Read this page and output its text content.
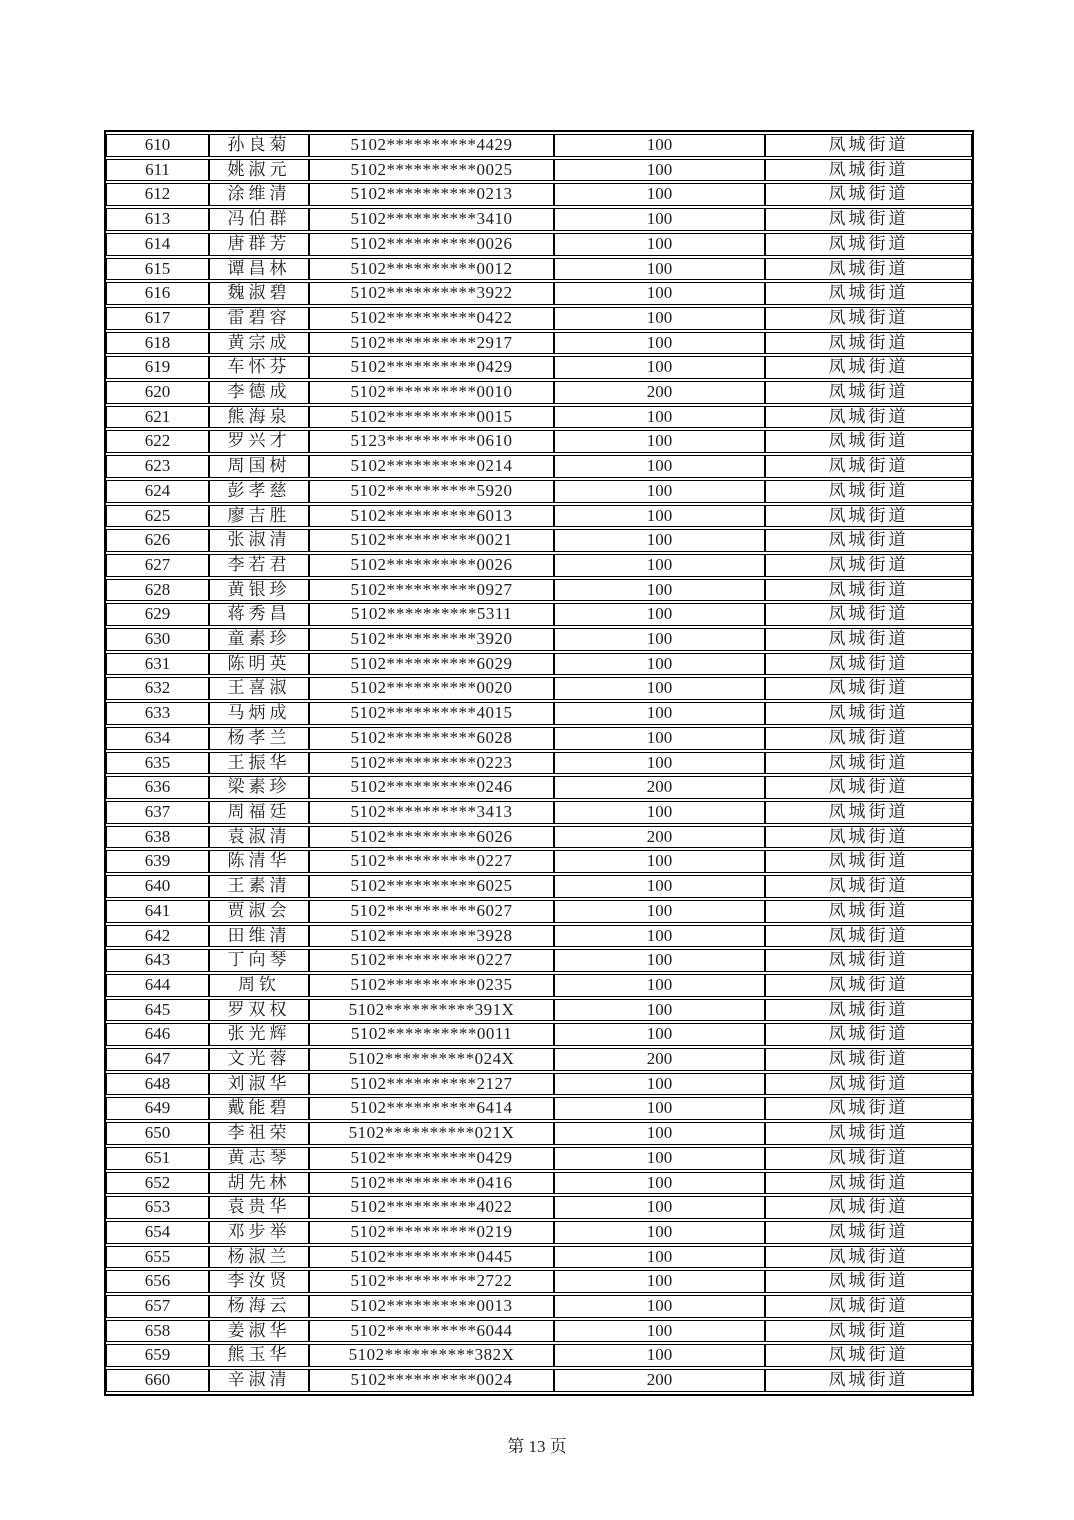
610	孙良菊	5102**********4429	100	凤城街道
611	姚淑元	5102**********0025	100	凤城街道
612	涂维清	5102**********0213	100	凤城街道
613	冯伯群	5102**********3410	100	凤城街道
614	唐群芳	5102**********0026	100	凤城街道
615	谭昌林	5102**********0012	100	凤城街道
616	魏淑碧	5102**********3922	100	凤城街道
617	雷碧容	5102**********0422	100	凤城街道
618	黄宗成	5102**********2917	100	凤城街道
619	车怀芬	5102**********0429	100	凤城街道
620	李德成	5102**********0010	200	凤城街道
621	熊海泉	5102**********0015	100	凤城街道
622	罗兴才	5123**********0610	100	凤城街道
623	周国树	5102**********0214	100	凤城街道
624	彭孝慈	5102**********5920	100	凤城街道
625	廖吉胜	5102**********6013	100	凤城街道
626	张淑清	5102**********0021	100	凤城街道
627	李若君	5102**********0026	100	凤城街道
628	黄银珍	5102**********0927	100	凤城街道
629	蒋秀昌	5102**********5311	100	凤城街道
630	童素珍	5102**********3920	100	凤城街道
631	陈明英	5102**********6029	100	凤城街道
632	王喜淑	5102**********0020	100	凤城街道
633	马炳成	5102**********4015	100	凤城街道
634	杨孝兰	5102**********6028	100	凤城街道
635	王振华	5102**********0223	100	凤城街道
636	梁素珍	5102**********0246	200	凤城街道
637	周福廷	5102**********3413	100	凤城街道
638	袁淑清	5102**********6026	200	凤城街道
639	陈清华	5102**********0227	100	凤城街道
640	王素清	5102**********6025	100	凤城街道
641	贾淑会	5102**********6027	100	凤城街道
642	田维清	5102**********3928	100	凤城街道
643	丁向琴	5102**********0227	100	凤城街道
644	周钦	5102**********0235	100	凤城街道
645	罗双权	5102**********391X	100	凤城街道
646	张光辉	5102**********0011	100	凤城街道
647	文光蓉	5102**********024X	200	凤城街道
648	刘淑华	5102**********2127	100	凤城街道
649	戴能碧	5102**********6414	100	凤城街道
650	李祖荣	5102**********021X	100	凤城街道
651	黄志琴	5102**********0429	100	凤城街道
652	胡先林	5102**********0416	100	凤城街道
653	袁贵华	5102**********4022	100	凤城街道
654	邓步举	5102**********0219	100	凤城街道
655	杨淑兰	5102**********0445	100	凤城街道
656	李汝贤	5102**********2722	100	凤城街道
657	杨海云	5102**********0013	100	凤城街道
658	姜淑华	5102**********6044	100	凤城街道
659	熊玉华	5102**********382X	100	凤城街道
660	辛淑清	5102**********0024	200	凤城街道
第 13 页
